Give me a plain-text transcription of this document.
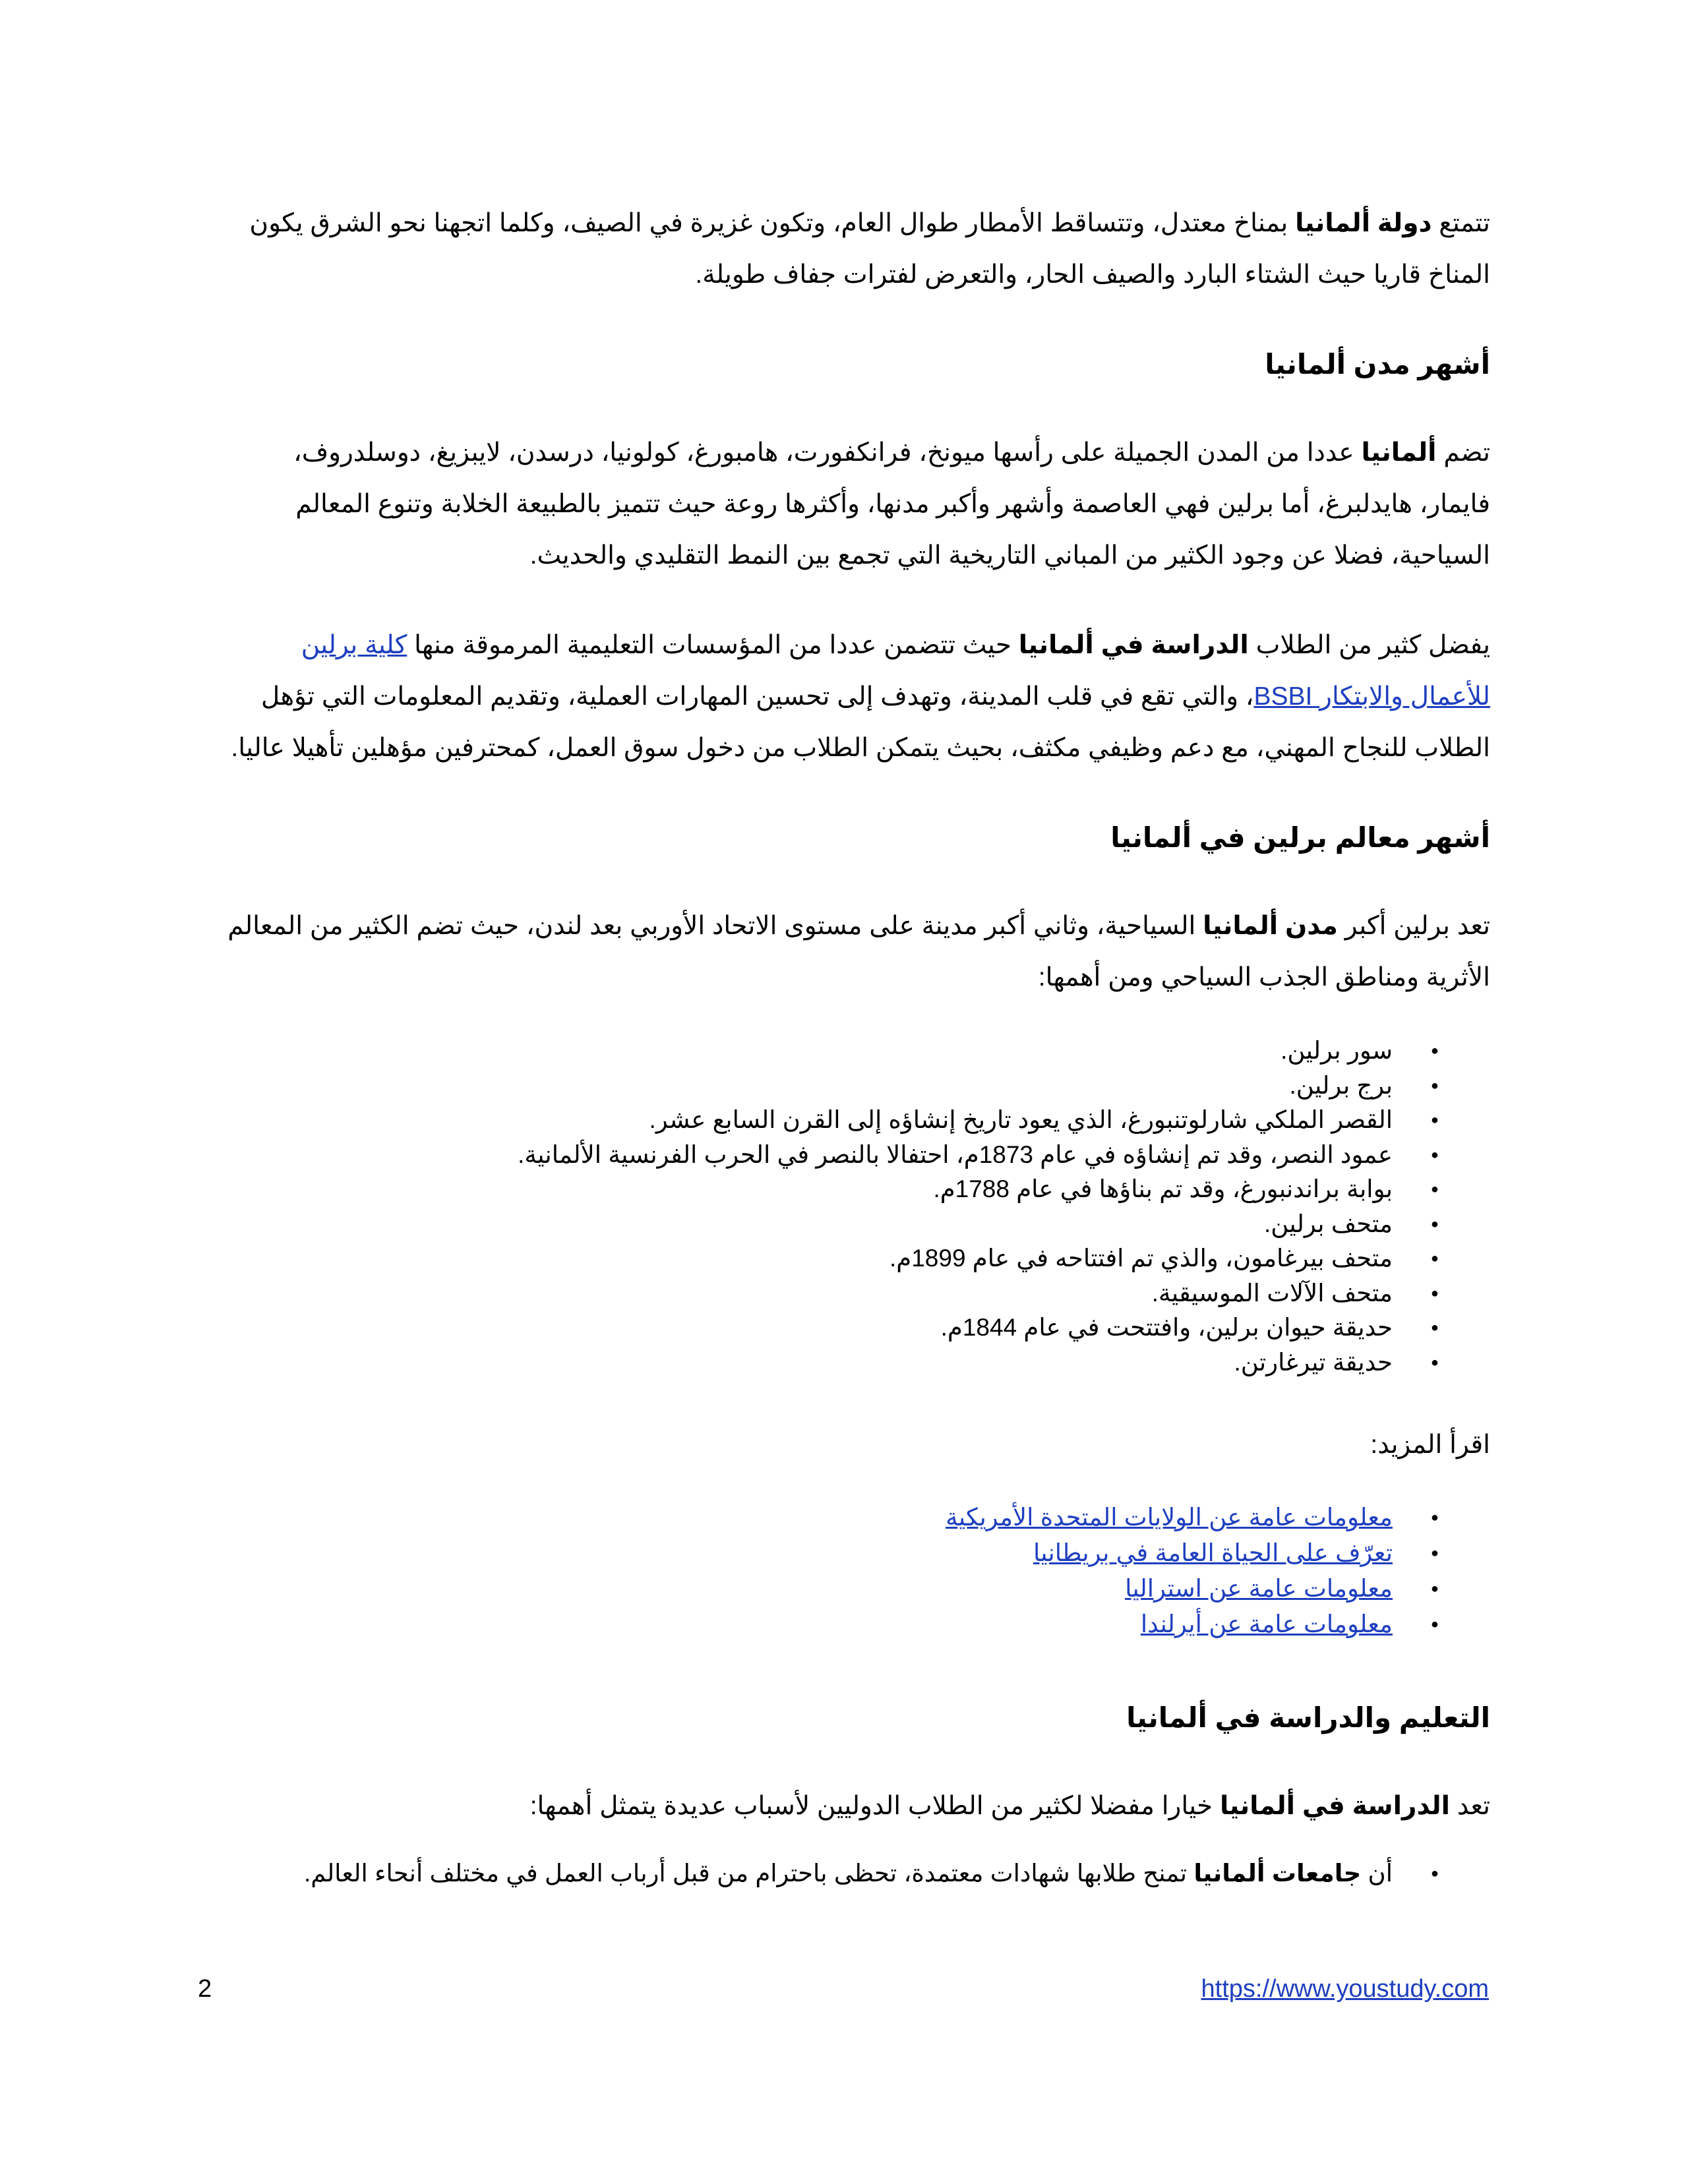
تتمتع دولة ألمانيا بمناخ معتدل، وتتساقط الأمطار طوال العام، وتكون غزيرة في الصيف، وكلما اتجهنا نحو الشرق يكون المناخ قاريا حيث الشتاء البارد والصيف الحار، والتعرض لفترات جفاف طويلة.

أشهر مدن ألمانيا

تضم ألمانيا عددا من المدن الجميلة على رأسها ميونخ، فرانكفورت، هامبورغ، كولونيا، درسدن، لايبزيغ، دوسلدروف، فايمار، هايدلبرغ، أما برلين فهي العاصمة وأشهر وأكبر مدنها، وأكثرها روعة حيث تتميز بالطبيعة الخلابة وتنوع المعالم السياحية، فضلا عن وجود الكثير من المباني التاريخية التي تجمع بين النمط التقليدي والحديث.

يفضل كثير من الطلاب الدراسة في ألمانيا حيث تتضمن عددا من المؤسسات التعليمية المرموقة منها كلية برلين للأعمال والابتكار BSBI، والتي تقع في قلب المدينة، وتهدف إلى تحسين المهارات العملية، وتقديم المعلومات التي تؤهل الطلاب للنجاح المهني، مع دعم وظيفي مكثف، بحيث يتمكن الطلاب من دخول سوق العمل، كمحترفين مؤهلين تأهيلا عاليا.

أشهر معالم برلين في ألمانيا

تعد برلين أكبر مدن ألمانيا السياحية، وثاني أكبر مدينة على مستوى الاتحاد الأوربي بعد لندن، حيث تضم الكثير من المعالم الأثرية ومناطق الجذب السياحي ومن أهمها:

● سور برلين.
● برج برلين.
● القصر الملكي شارلوتنبورغ، الذي يعود تاريخ إنشاؤه إلى القرن السابع عشر.
● عمود النصر، وقد تم إنشاؤه في عام 1873م، احتفالا بالنصر في الحرب الفرنسية الألمانية.
● بوابة براندنبورغ، وقد تم بناؤها في عام 1788م.
● متحف برلين.
● متحف بيرغامون، والذي تم افتتاحه في عام 1899م.
● متحف الآلات الموسيقية.
● حديقة حيوان برلين، وافتتحت في عام 1844م.
● حديقة تيرغارتن.

اقرأ المزيد:

● معلومات عامة عن الولايات المتحدة الأمريكية
● تعرّف على الحياة العامة في بريطانيا
● معلومات عامة عن استراليا
● معلومات عامة عن أيرلندا
التعليم والدراسة في ألمانيا

تعد الدراسة في ألمانيا خيارا مفضلا لكثير من الطلاب الدوليين لأسباب عديدة يتمثل أهمها:

● أن جامعات ألمانيا تمنح طلابها شهادات معتمدة، تحظى باحترام من قبل أرباب العمل في مختلف أنحاء العالم.
2	https://www.youstudy.com
